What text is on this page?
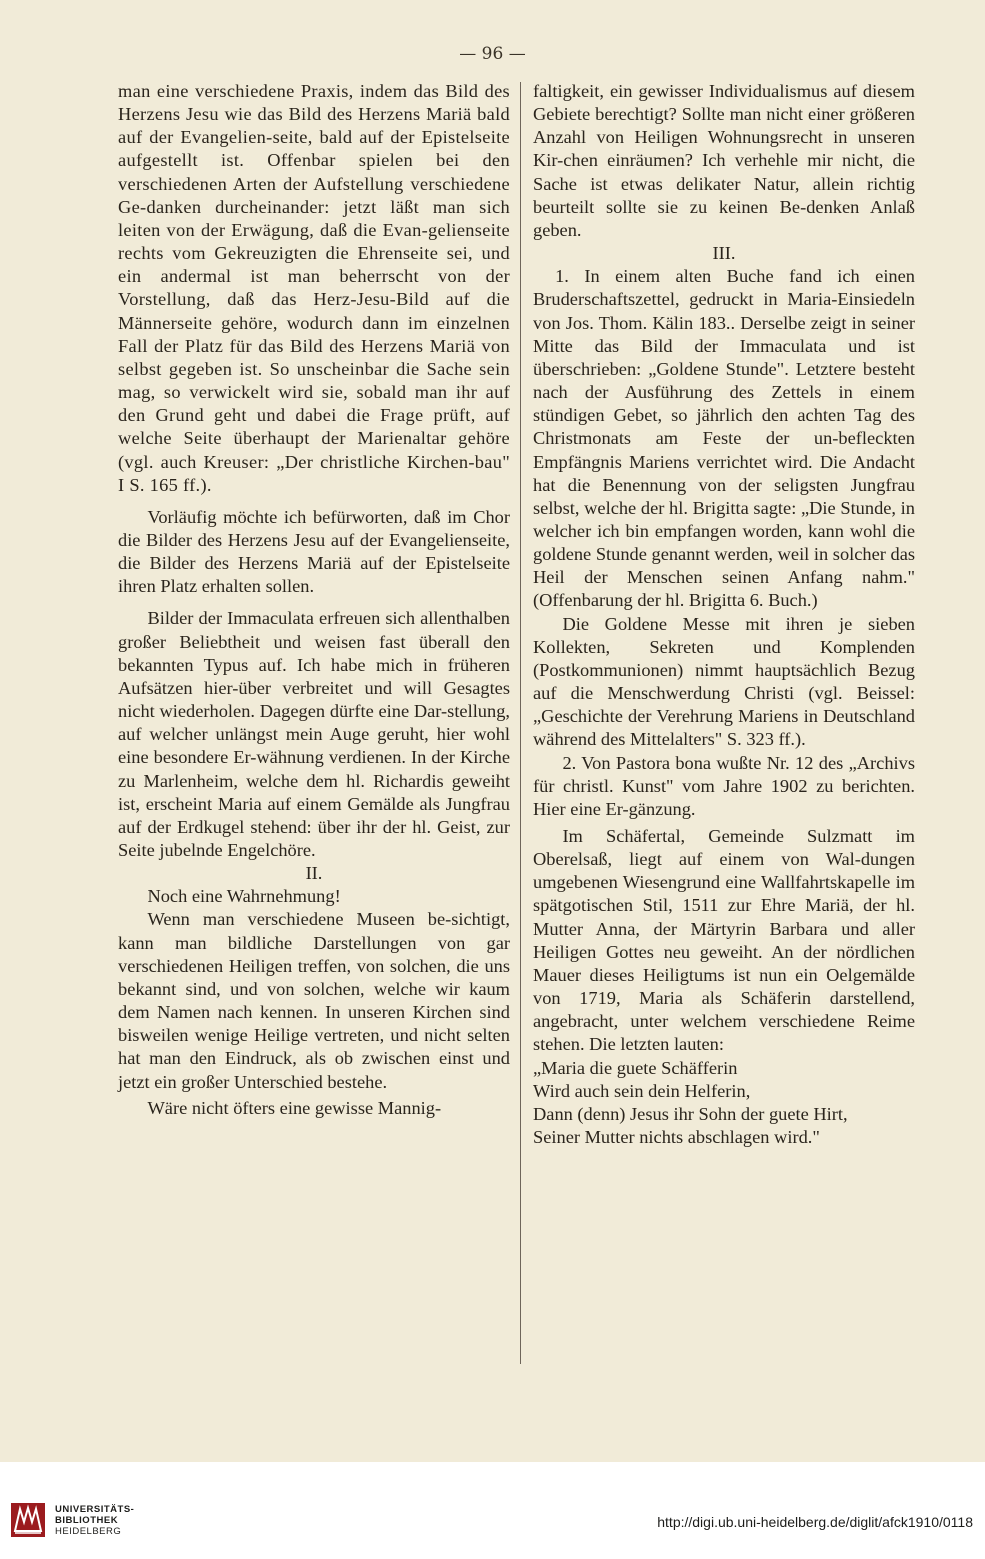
— 96 —

man eine verschiedene Praxis, indem das Bild des Herzens Jesu wie das Bild des Herzens Mariä bald auf der Evangelien-seite, bald auf der Epistelseite aufgestellt ist. Offenbar spielen bei den verschiedenen Arten der Aufstellung verschiedene Ge-danken durcheinander: jetzt läßt man sich leiten von der Erwägung, daß die Evan-gelienseite rechts vom Gekreuzigten die Ehrenseite sei, und ein andermal ist man beherrscht von der Vorstellung, daß das Herz-Jesu-Bild auf die Männerseite gehöre, wodurch dann im einzelnen Fall der Platz für das Bild des Herzens Mariä von selbst gegeben ist. So unscheinbar die Sache sein mag, so verwickelt wird sie, sobald man ihr auf den Grund geht und dabei die Frage prüft, auf welche Seite überhaupt der Marienaltar gehöre (vgl. auch Kreuser: „Der christliche Kirchen-bau" I S. 165 ff.).

Vorläufig möchte ich befürworten, daß im Chor die Bilder des Herzens Jesu auf der Evangelienseite, die Bilder des Herzens Mariä auf der Epistelseite ihren Platz erhalten sollen.

Bilder der Immaculata erfreuen sich allenthalben großer Beliebtheit und weisen fast überall den bekannten Typus auf. Ich habe mich in früheren Aufsätzen hier-über verbreitet und will Gesagtes nicht wiederholen. Dagegen dürfte eine Dar-stellung, auf welcher unlängst mein Auge geruht, hier wohl eine besondere Er-wähnung verdienen. In der Kirche zu Marlenheim, welche dem hl. Richardis geweiht ist, erscheint Maria auf einem Gemälde als Jungfrau auf der Erdkugel stehend: über ihr der hl. Geist, zur Seite jubelnde Engelchöre.

II.

Noch eine Wahrnehmung!

Wenn man verschiedene Museen be-sichtigt, kann man bildliche Darstellungen von gar verschiedenen Heiligen treffen, von solchen, die uns bekannt sind, und von solchen, welche wir kaum dem Namen nach kennen. In unseren Kirchen sind bisweilen wenige Heilige vertreten, und nicht selten hat man den Eindruck, als ob zwischen einst und jetzt ein großer Unterschied bestehe.

Wäre nicht öfters eine gewisse Mannig-

faltigkeit, ein gewisser Individualismus auf diesem Gebiete berechtigt? Sollte man nicht einer größeren Anzahl von Heiligen Wohnungsrecht in unseren Kir-chen einräumen? Ich verhehle mir nicht, die Sache ist etwas delikater Natur, allein richtig beurteilt sollte sie zu keinen Be-denken Anlaß geben.

III.

1. In einem alten Buche fand ich einen Bruderschaftszettel, gedruckt in Maria-Einsiedeln von Jos. Thom. Kälin 183.. Derselbe zeigt in seiner Mitte das Bild der Immaculata und ist überschrieben: „Goldene Stunde". Letztere besteht nach der Ausführung des Zettels in einem stündigen Gebet, so jährlich den achten Tag des Christmonats am Feste der un-befleckten Empfängnis Mariens verrichtet wird. Die Andacht hat die Benennung von der seligsten Jungfrau selbst, welche der hl. Brigitta sagte: „Die Stunde, in welcher ich bin empfangen worden, kann wohl die goldene Stunde genannt werden, weil in solcher das Heil der Menschen seinen Anfang nahm." (Offenbarung der hl. Brigitta 6. Buch.)

Die Goldene Messe mit ihren je sieben Kollekten, Sekreten und Komplenden (Postkommunionen) nimmt hauptsächlich Bezug auf die Menschwerdung Christi (vgl. Beissel: „Geschichte der Verehrung Mariens in Deutschland während des Mittelalters" S. 323 ff.).

2. Von Pastora bona wußte Nr. 12 des „Archivs für christl. Kunst" vom Jahre 1902 zu berichten. Hier eine Er-gänzung.

Im Schäfertal, Gemeinde Sulzmatt im Oberelsaß, liegt auf einem von Wal-dungen umgebenen Wiesengrund eine Wallfahrtskapelle im spätgotischen Stil, 1511 zur Ehre Mariä, der hl. Mutter Anna, der Märtyrin Barbara und aller Heiligen Gottes neu geweiht. An der nördlichen Mauer dieses Heiligtums ist nun ein Oelgemälde von 1719, Maria als Schäferin darstellend, angebracht, unter welchem verschiedene Reime stehen. Die letzten lauten:

„Maria die guete Schäfferin
Wird auch sein dein Helferin,
Dann (denn) Jesus ihr Sohn der guete Hirt,
Seiner Mutter nichts abschlagen wird."

UNIVERSITÄTS-
BIBLIOTHEK
HEIDELBERG
http://digi.ub.uni-heidelberg.de/diglit/afck1910/0118
